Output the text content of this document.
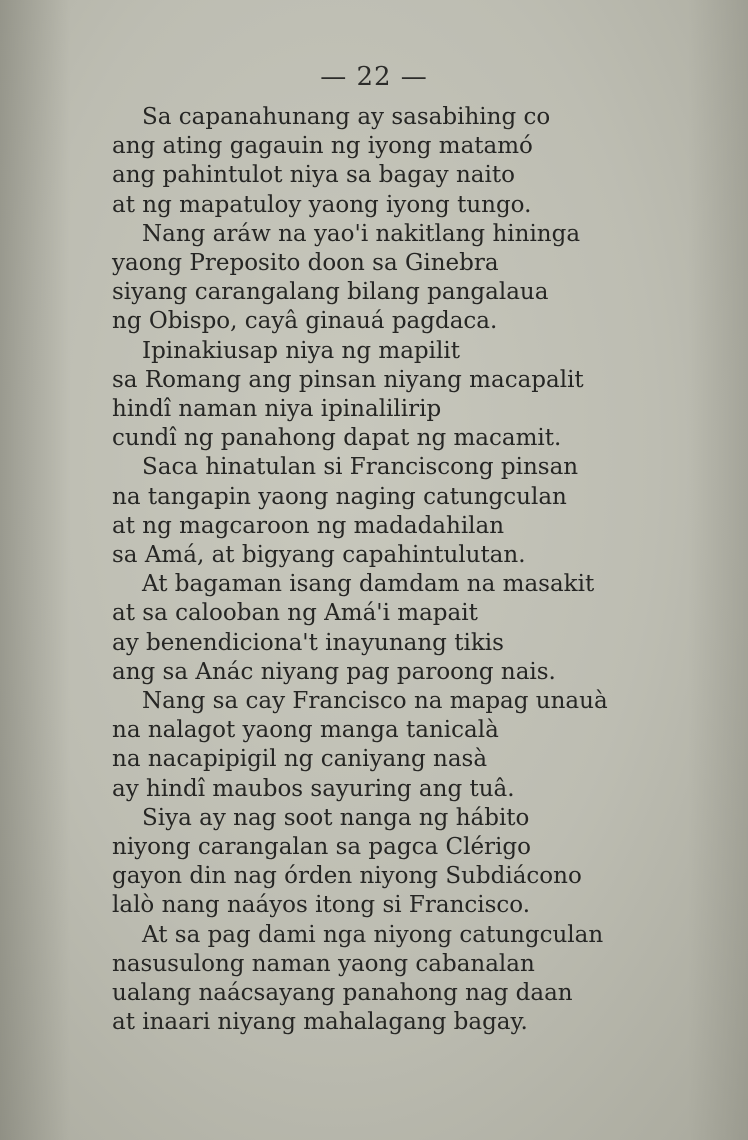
— 22 —
Sa capanahunang ay sasabihing co
ang ating gagauin ng iyong matamó
ang pahintulot niya sa bagay naito
at ng mapatuloy yaong iyong tungo.
Nang aráw na yao'i nakitlang hininga
yaong Preposito doon sa Ginebra
siyang carangalang bilang pangalaua
ng Obispo, cayâ ginauá pagdaca.
Ipinakiusap niya ng mapilit
sa Romang ang pinsan niyang macapalit
hindî naman niya ipinalilirip
cundî ng panahong dapat ng macamit.
Saca hinatulan si Franciscong pinsan
na tangapin yaong naging catungculan
at ng magcaroon ng madadahilan
sa Amá, at bigyang capahintulutan.
At bagaman isang damdam na masakit
at sa calooban ng Amá'i mapait
ay benendiciona't inayunang tikis
ang sa Anác niyang pag paroong nais.
Nang sa cay Francisco na mapag unauà
na nalagot yaong manga tanicalà
na nacapipigil ng caniyang nasà
ay hindî maubos sayuring ang tuâ.
Siya ay nag soot nanga ng hábito
niyong carangalan sa pagca Clérigo
gayon din nag órden niyong Subdiácono
lalò nang naáyos itong si Francisco.
At sa pag dami nga niyong catungculan
nasusulong naman yaong cabanalan
ualang naácsayang panahong nag daan
at inaari niyang mahalagang bagay.
